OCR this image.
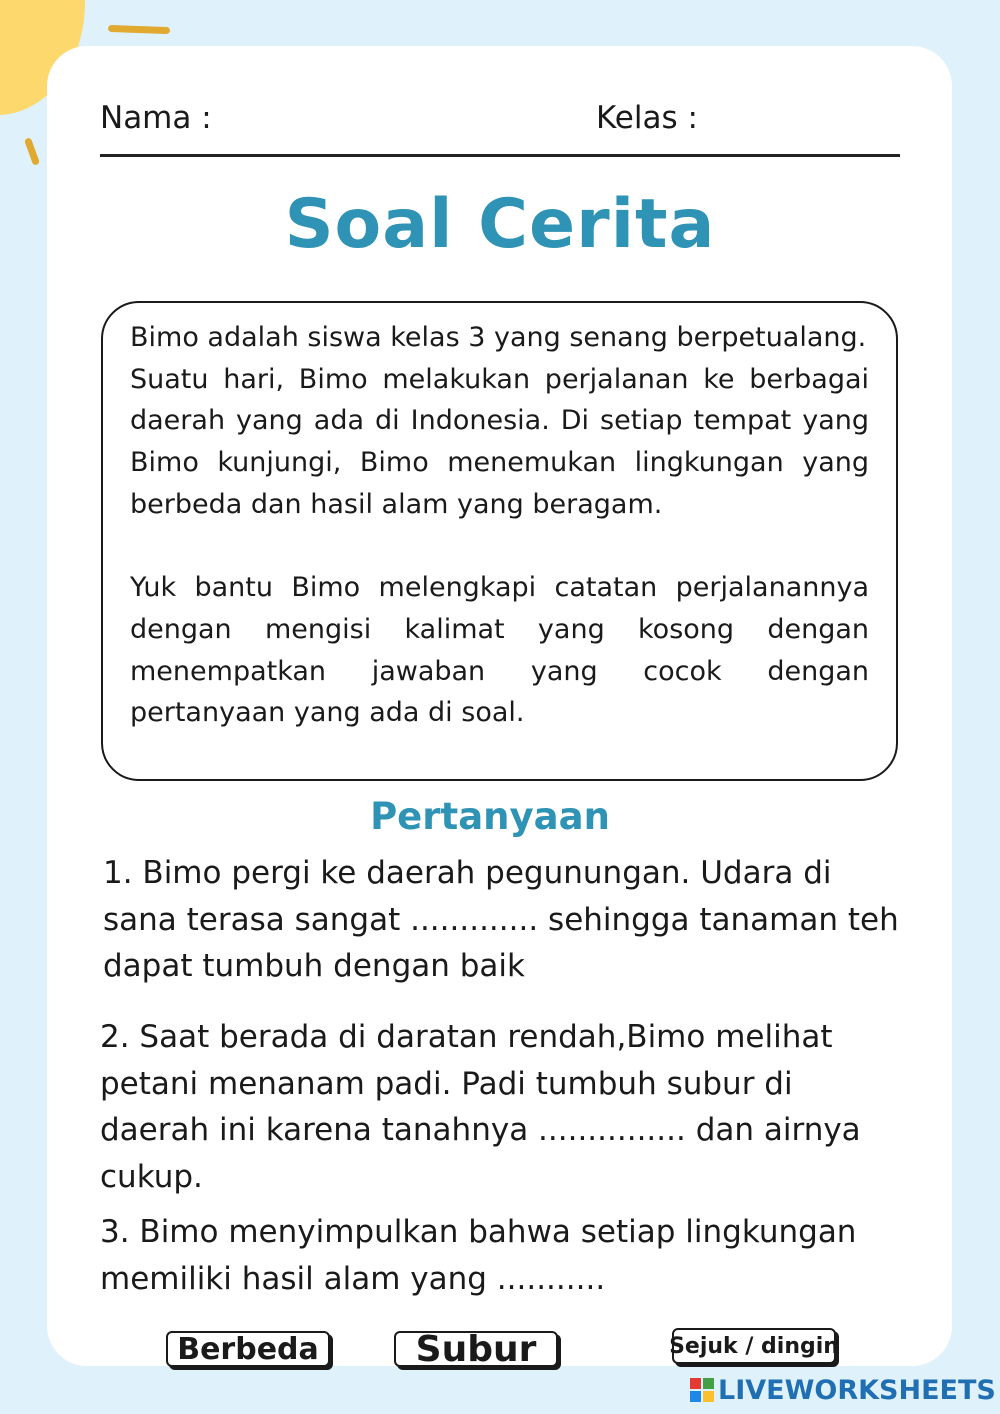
Nama :	Kelas :
Soal Cerita

Bimo adalah siswa kelas 3 yang senang berpetualang.

Suatu hari, Bimo melakukan perjalanan ke berbagai daerah yang ada di Indonesia. Di setiap tempat yang Bimo kunjungi, Bimo menemukan lingkungan yang berbeda dan hasil alam yang beragam.

Yuk bantu Bimo melengkapi catatan perjalanannya dengan mengisi kalimat yang kosong dengan menempatkan jawaban yang cocok dengan pertanyaan yang ada di soal.

Pertanyaan
1. Bimo pergi ke daerah pegunungan. Udara di sana terasa sangat ............. sehingga tanaman teh dapat tumbuh dengan baik
2. Saat berada di daratan rendah,Bimo melihat petani menanam padi. Padi tumbuh subur di daerah ini karena tanahnya ............... dan airnya cukup.
3. Bimo menyimpulkan bahwa setiap lingkungan memiliki hasil alam yang ...........
Berbeda	Subur	Sejuk / dingin
LIVEWORKSHEETS
